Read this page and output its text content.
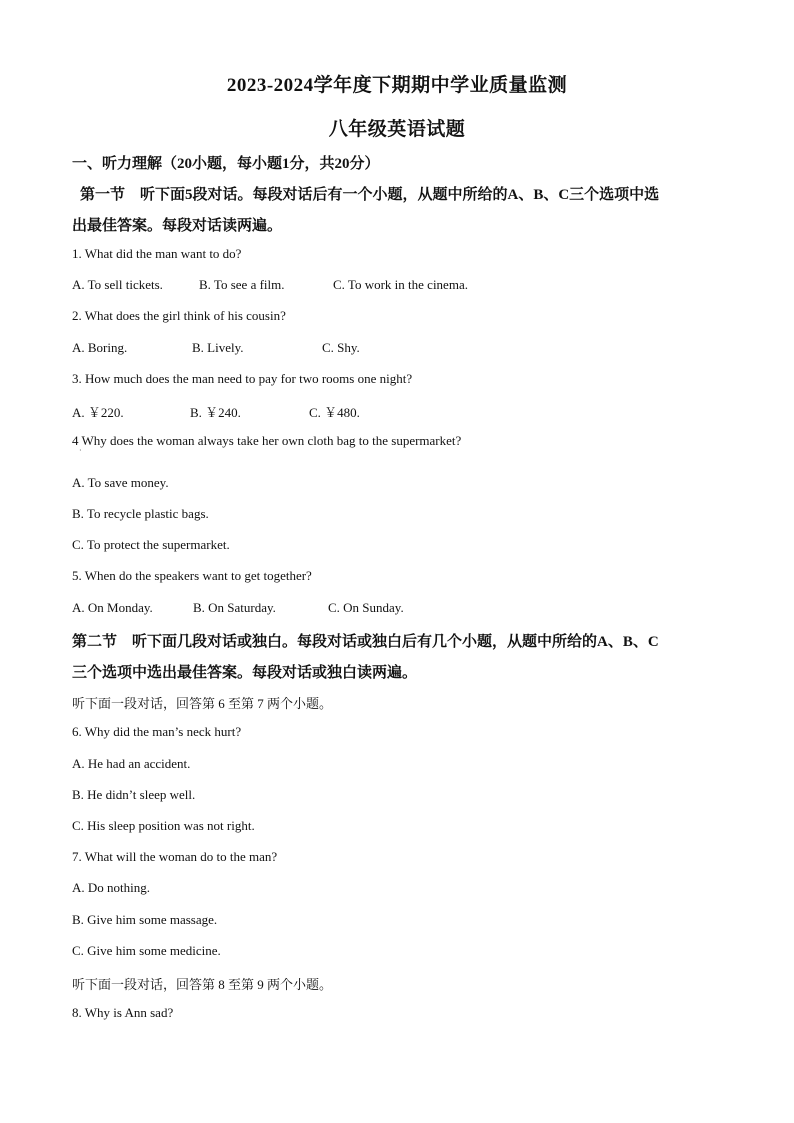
2023-2024学年度下期期中学业质量监测
八年级英语试题
一、听力理解（20小题，每小题1分，共20分）
第一节　听下面5段对话。每段对话后有一个小题，从题中所给的A、B、C三个选项中选
出最佳答案。每段对话读两遍。
1. What did the man want to do?
A. To sell tickets.	B. To see a film.	C. To work in the cinema.
2. What does the girl think of his cousin?
A. Boring.	B. Lively.	C. Shy.
3. How much does the man need to pay for two rooms one night?
A. ￥220.	B. ￥240.	C. ￥480.
4 Why does the woman always take her own cloth bag to the supermarket?
·
A. To save money.
B. To recycle plastic bags.
C. To protect the supermarket.
5. When do the speakers want to get together?
A. On Monday.	B. On Saturday.	C. On Sunday.
第二节　听下面几段对话或独白。每段对话或独白后有几个小题，从题中所给的A、B、C
三个选项中选出最佳答案。每段对话或独白读两遍。
听下面一段对话，回答第 6 至第 7 两个小题。
6. Why did the man’s neck hurt?
A. He had an accident.
B. He didn’t sleep well.
C. His sleep position was not right.
7. What will the woman do to the man?
A. Do nothing.
B. Give him some massage.
C. Give him some medicine.
听下面一段对话，回答第 8 至第 9 两个小题。
8. Why is Ann sad?
